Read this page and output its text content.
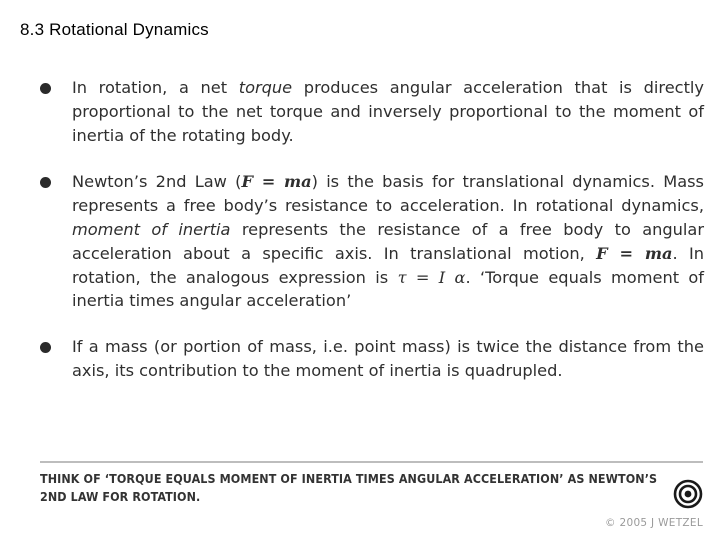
8.3 Rotational Dynamics

In rotation, a net torque produces angular acceleration that is directly proportional to the net torque and inversely proportional to the moment of inertia of the rotating body.

Newton’s 2nd Law (F = ma) is the basis for translational dynamics. Mass represents a free body’s resistance to acceleration. In rotational dynamics, moment of inertia represents the resistance of a free body to angular acceleration about a specific axis. In translational motion, F = ma. In rotation, the analogous expression is τ = I α. ‘Torque equals moment of inertia times angular acceleration’

If a mass (or portion of mass, i.e. point mass) is twice the distance from the axis, its contribution to the moment of inertia is quadrupled.

THINK OF ‘TORQUE EQUALS MOMENT OF INERTIA TIMES ANGULAR ACCELERATION’ AS NEWTON’S 2ND LAW FOR ROTATION.
© 2005 J WETZEL
